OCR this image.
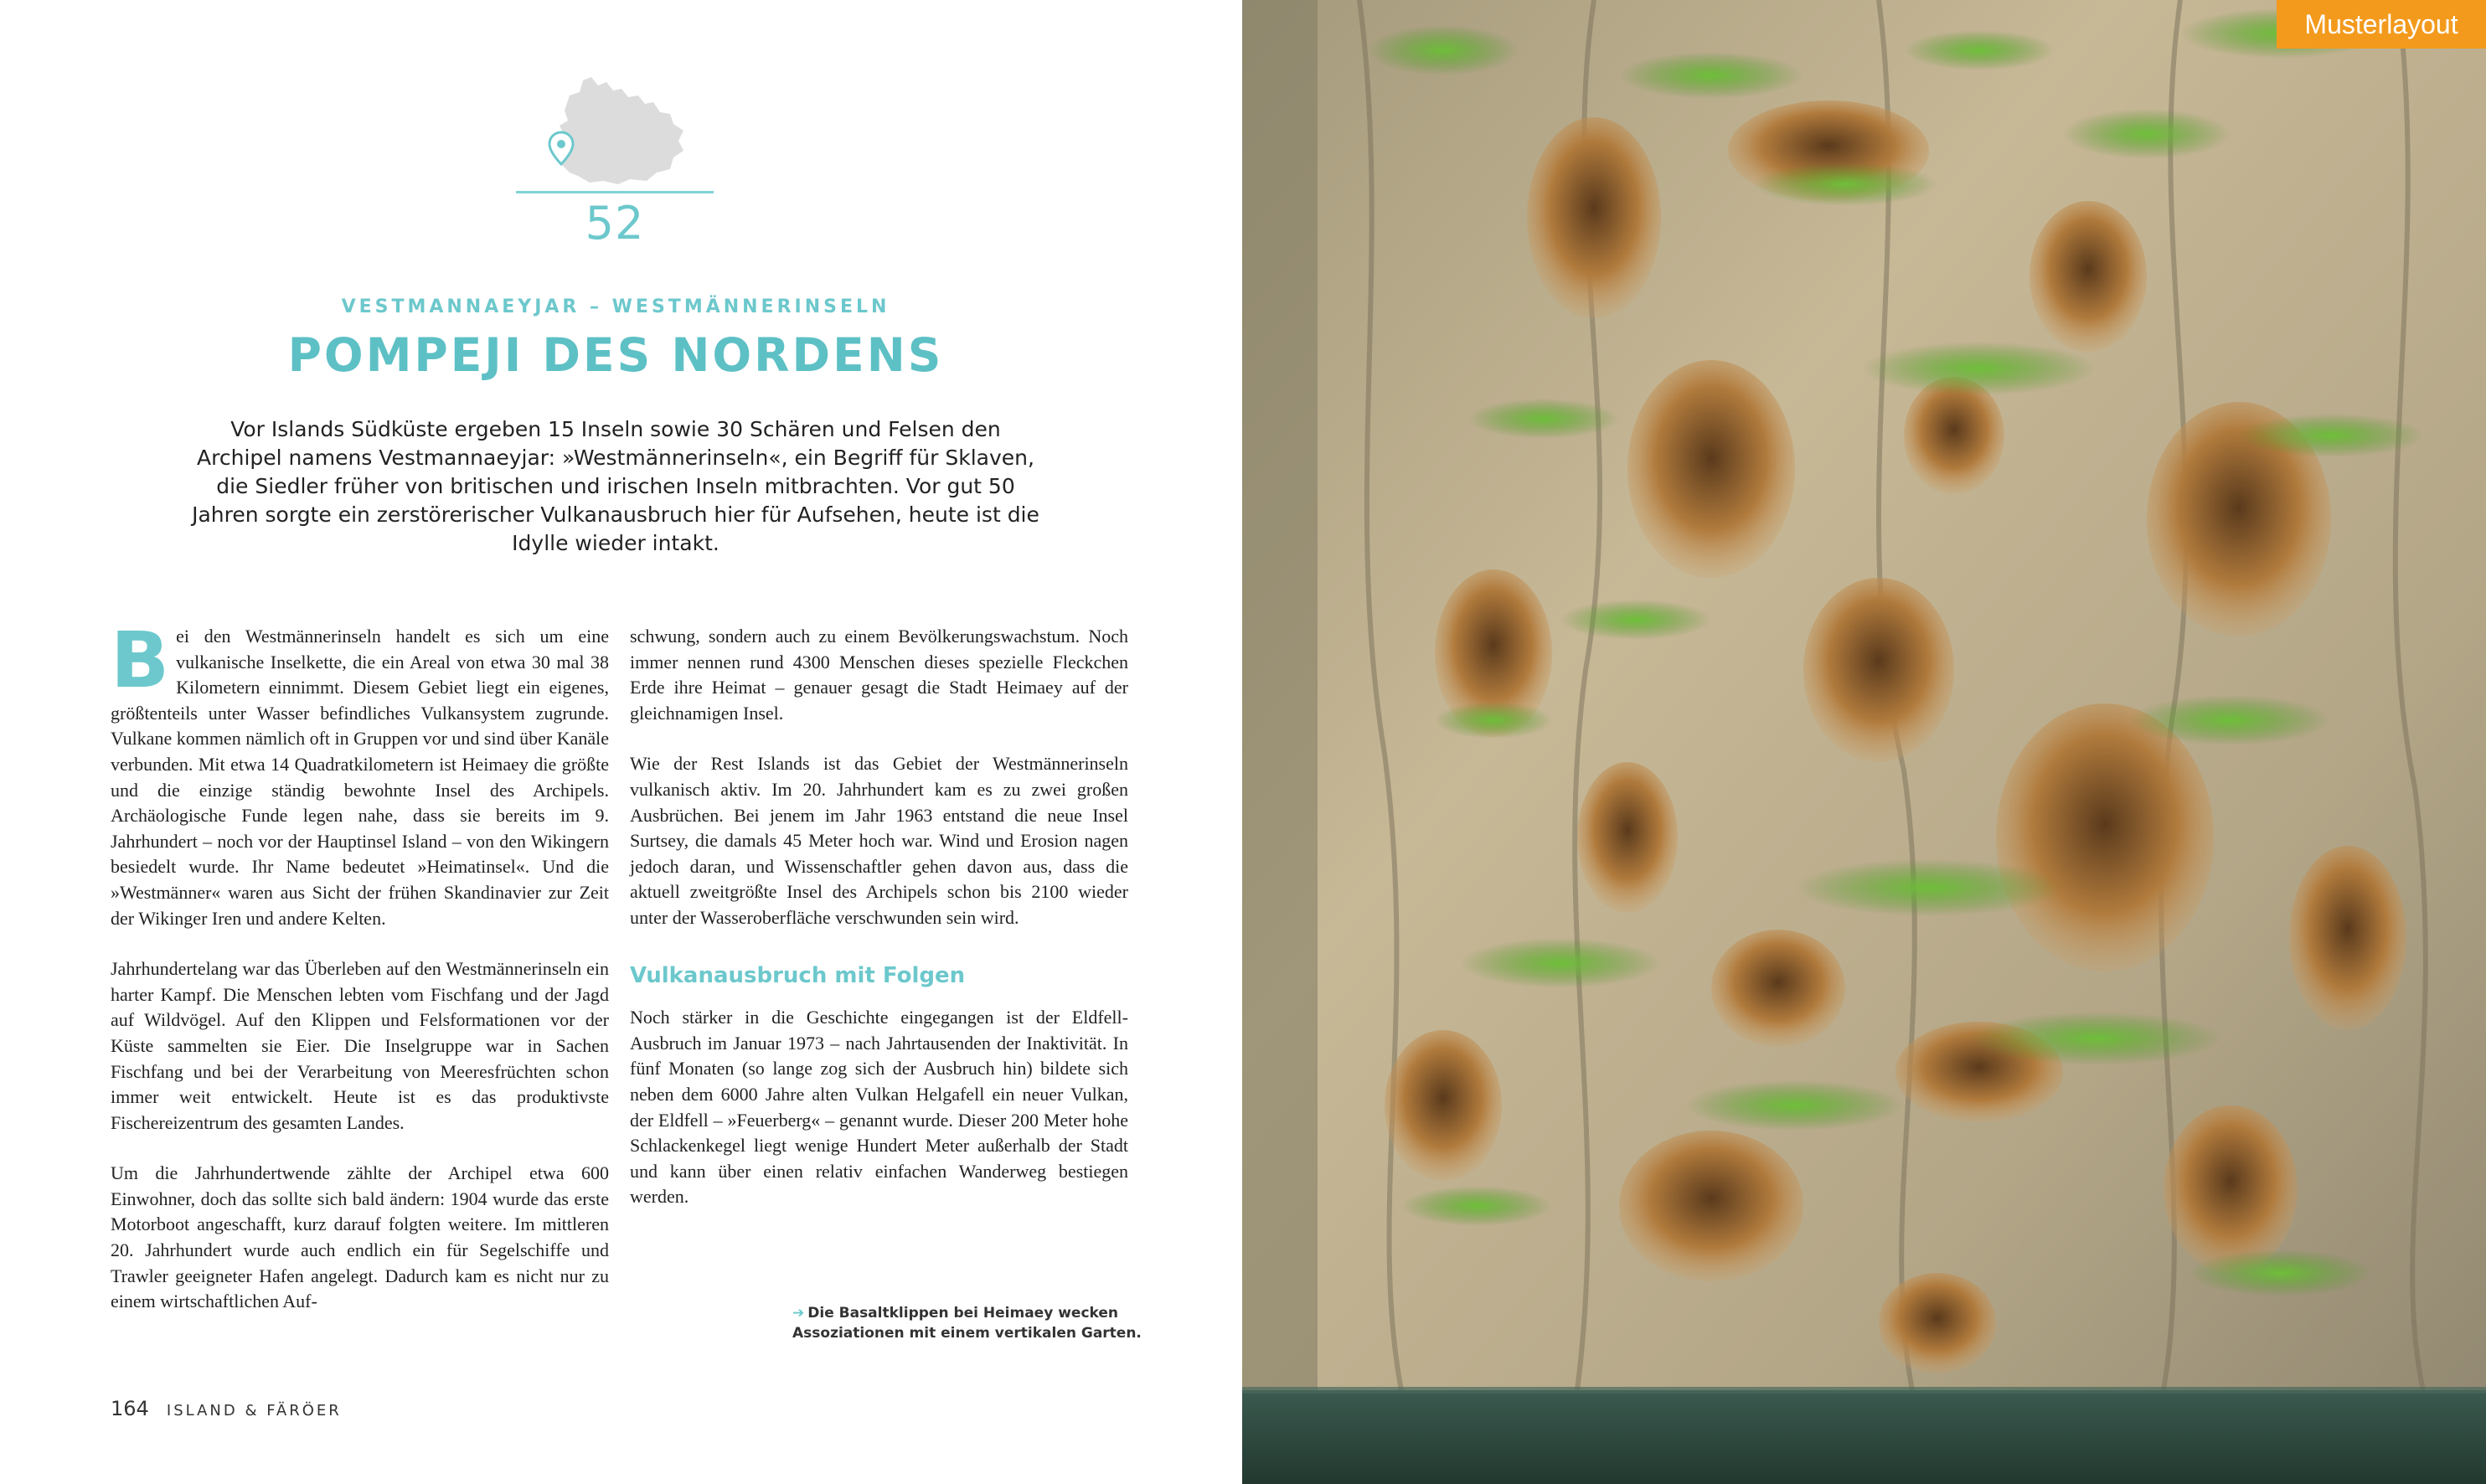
52
VESTMANNAEYJAR – WESTMÄNNERINSELN
POMPEJI DES NORDENS
Vor Islands Südküste ergeben 15 Inseln sowie 30 Schären und Felsen den Archipel namens Vestmannaeyjar: »Westmännerinseln«, ein Begriff für Sklaven, die Siedler früher von britischen und irischen Inseln mitbrachten. Vor gut 50 Jahren sorgte ein zerstörerischer Vulkanausbruch hier für Aufsehen, heute ist die Idylle wieder intakt.

Bei den Westmännerinseln handelt es sich um eine vulkanische Inselkette, die ein Areal von etwa 30 mal 38 Kilometern einnimmt. Diesem Gebiet liegt ein eigenes, größtenteils unter Wasser befindliches Vulkansystem zugrunde. Vulkane kommen nämlich oft in Gruppen vor und sind über Kanäle verbunden. Mit etwa 14 Quadratkilometern ist Heimaey die größte und die einzige ständig bewohnte Insel des Archipels. Archäologische Funde legen nahe, dass sie bereits im 9. Jahrhundert – noch vor der Hauptinsel Island – von den Wikingern besiedelt wurde. Ihr Name bedeutet »Heimatinsel«. Und die »Westmänner« waren aus Sicht der frühen Skandinavier zur Zeit der Wikinger Iren und andere Kelten.

Jahrhundertelang war das Überleben auf den Westmännerinseln ein harter Kampf. Die Menschen lebten vom Fischfang und der Jagd auf Wildvögel. Auf den Klippen und Felsformationen vor der Küste sammelten sie Eier. Die Inselgruppe war in Sachen Fischfang und bei der Verarbeitung von Meeresfrüchten schon immer weit entwickelt. Heute ist es das produktivste Fischereizentrum des gesamten Landes.

Um die Jahrhundertwende zählte der Archipel etwa 600 Einwohner, doch das sollte sich bald ändern: 1904 wurde das erste Motorboot angeschafft, kurz darauf folgten weitere. Im mittleren 20. Jahrhundert wurde auch endlich ein für Segelschiffe und Trawler geeigneter Hafen angelegt. Dadurch kam es nicht nur zu einem wirtschaftlichen Auf-

schwung, sondern auch zu einem Bevölkerungswachstum. Noch immer nennen rund 4300 Menschen dieses spezielle Fleckchen Erde ihre Heimat – genauer gesagt die Stadt Heimaey auf der gleichnamigen Insel.

Wie der Rest Islands ist das Gebiet der Westmännerinseln vulkanisch aktiv. Im 20. Jahrhundert kam es zu zwei großen Ausbrüchen. Bei jenem im Jahr 1963 entstand die neue Insel Surtsey, die damals 45 Meter hoch war. Wind und Erosion nagen jedoch daran, und Wissenschaftler gehen davon aus, dass die aktuell zweitgrößte Insel des Archipels schon bis 2100 wieder unter der Wasseroberfläche verschwunden sein wird.

Vulkanausbruch mit Folgen

Noch stärker in die Geschichte eingegangen ist der Eldfell-Ausbruch im Januar 1973 – nach Jahrtausenden der Inaktivität. In fünf Monaten (so lange zog sich der Ausbruch hin) bildete sich neben dem 6000 Jahre alten Vulkan Helgafell ein neuer Vulkan, der Eldfell – »Feuerberg« – genannt wurde. Dieser 200 Meter hohe Schlackenkegel liegt wenige Hundert Meter außerhalb der Stadt und kann über einen relativ einfachen Wanderweg bestiegen werden.

➔ Die Basaltklippen bei Heimaey wecken Assoziationen mit einem vertikalen Garten.
164 ISLAND & FÄRÖER
Musterlayout
